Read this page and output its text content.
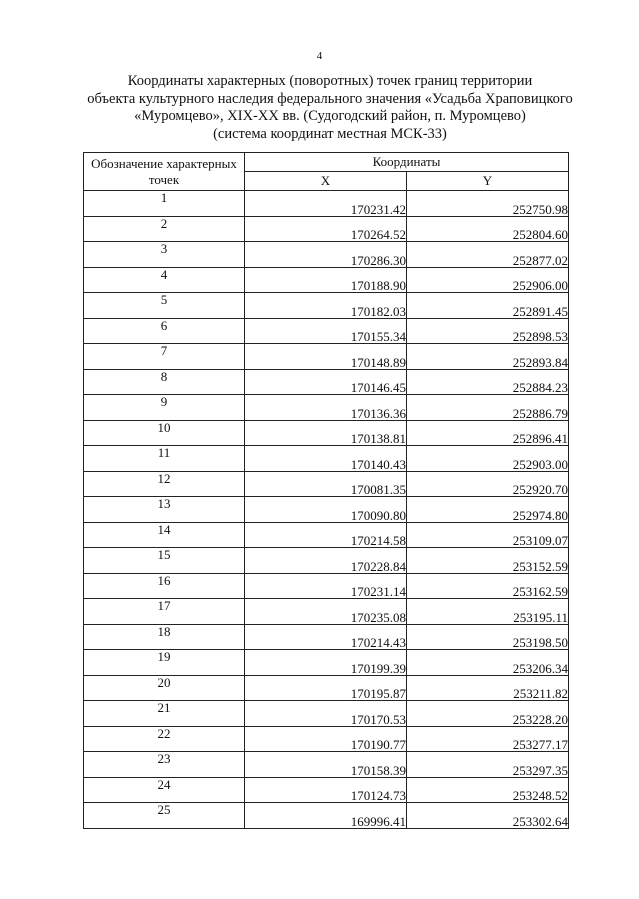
4
Координаты характерных (поворотных) точек границ территории
объекта культурного наследия федерального значения «Усадьба Храповицкого
«Муромцево», XIX-XX вв. (Судогодский район, п. Муромцево)
(система координат местная МСК-33)
Обозначение характерных точек	Координаты	
	X	Y
1	170231.42	252750.98
2	170264.52	252804.60
3	170286.30	252877.02
4	170188.90	252906.00
5	170182.03	252891.45
6	170155.34	252898.53
7	170148.89	252893.84
8	170146.45	252884.23
9	170136.36	252886.79
10	170138.81	252896.41
11	170140.43	252903.00
12	170081.35	252920.70
13	170090.80	252974.80
14	170214.58	253109.07
15	170228.84	253152.59
16	170231.14	253162.59
17	170235.08	253195.11
18	170214.43	253198.50
19	170199.39	253206.34
20	170195.87	253211.82
21	170170.53	253228.20
22	170190.77	253277.17
23	170158.39	253297.35
24	170124.73	253248.52
25	169996.41	253302.64
